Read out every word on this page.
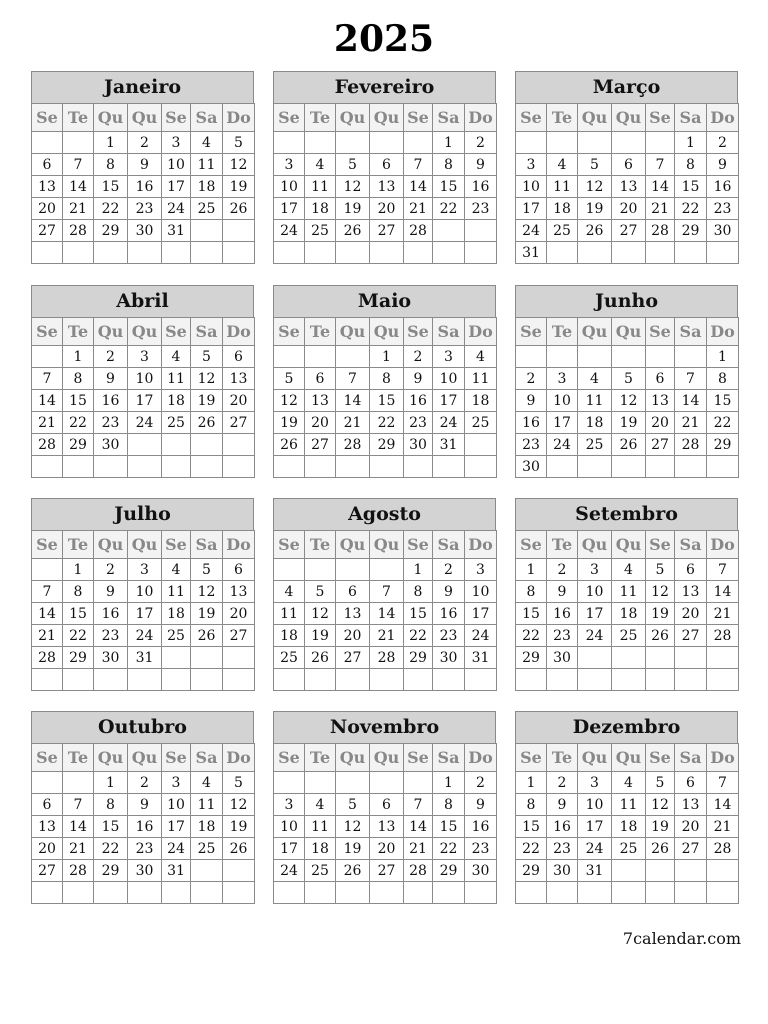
2025
Janeiro
Se	Te	Qu	Qu	Se	Sa	Do
		1	2	3	4	5
6	7	8	9	10	11	12
13	14	15	16	17	18	19
20	21	22	23	24	25	26
27	28	29	30	31		

Fevereiro
Se	Te	Qu	Qu	Se	Sa	Do
					1	2
3	4	5	6	7	8	9
10	11	12	13	14	15	16
17	18	19	20	21	22	23
24	25	26	27	28		

Março
Se	Te	Qu	Qu	Se	Sa	Do
					1	2
3	4	5	6	7	8	9
10	11	12	13	14	15	16
17	18	19	20	21	22	23
24	25	26	27	28	29	30
31						
Abril
Se	Te	Qu	Qu	Se	Sa	Do
	1	2	3	4	5	6
7	8	9	10	11	12	13
14	15	16	17	18	19	20
21	22	23	24	25	26	27
28	29	30				

Maio
Se	Te	Qu	Qu	Se	Sa	Do
			1	2	3	4
5	6	7	8	9	10	11
12	13	14	15	16	17	18
19	20	21	22	23	24	25
26	27	28	29	30	31	

Junho
Se	Te	Qu	Qu	Se	Sa	Do
						1
2	3	4	5	6	7	8
9	10	11	12	13	14	15
16	17	18	19	20	21	22
23	24	25	26	27	28	29
30						
Julho
Se	Te	Qu	Qu	Se	Sa	Do
	1	2	3	4	5	6
7	8	9	10	11	12	13
14	15	16	17	18	19	20
21	22	23	24	25	26	27
28	29	30	31			

Agosto
Se	Te	Qu	Qu	Se	Sa	Do
				1	2	3
4	5	6	7	8	9	10
11	12	13	14	15	16	17
18	19	20	21	22	23	24
25	26	27	28	29	30	31

Setembro
Se	Te	Qu	Qu	Se	Sa	Do
1	2	3	4	5	6	7
8	9	10	11	12	13	14
15	16	17	18	19	20	21
22	23	24	25	26	27	28
29	30					

Outubro
Se	Te	Qu	Qu	Se	Sa	Do
		1	2	3	4	5
6	7	8	9	10	11	12
13	14	15	16	17	18	19
20	21	22	23	24	25	26
27	28	29	30	31		

Novembro
Se	Te	Qu	Qu	Se	Sa	Do
					1	2
3	4	5	6	7	8	9
10	11	12	13	14	15	16
17	18	19	20	21	22	23
24	25	26	27	28	29	30

Dezembro
Se	Te	Qu	Qu	Se	Sa	Do
1	2	3	4	5	6	7
8	9	10	11	12	13	14
15	16	17	18	19	20	21
22	23	24	25	26	27	28
29	30	31				

7calendar.com
